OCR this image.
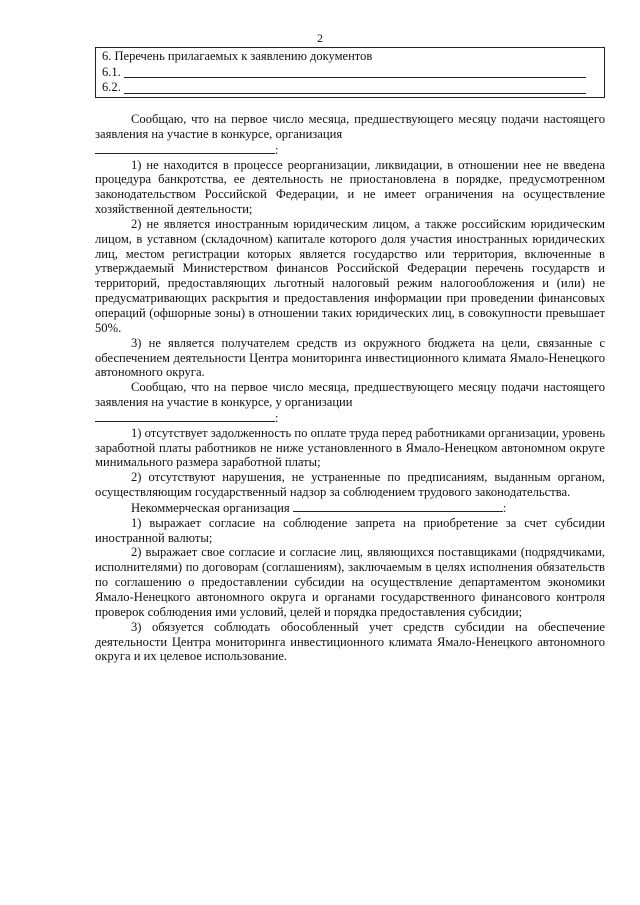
2
6. Перечень прилагаемых к заявлению документов
6.1.
6.2.

Сообщаю, что на первое число месяца, предшествующего месяцу подачи настоящего заявления на участие в конкурсе, организация
:

1) не находится в процессе реорганизации, ликвидации, в отношении нее не введена процедура банкротства, ее деятельность не приостановлена в порядке, предусмотренном законодательством Российской Федерации, и не имеет ограничения на осуществление хозяйственной деятельности;

2) не является иностранным юридическим лицом, а также российским юридическим лицом, в уставном (складочном) капитале которого доля участия иностранных юридических лиц, местом регистрации которых является государство или территория, включенные в утверждаемый Министерством финансов Российской Федерации перечень государств и территорий, предоставляющих льготный налоговый режим налогообложения и (или) не предусматривающих раскрытия и предоставления информации при проведении финансовых операций (офшорные зоны) в отношении таких юридических лиц, в совокупности превышает 50%.

3) не является получателем средств из окружного бюджета на цели, связанные с обеспечением деятельности Центра мониторинга инвестиционного климата Ямало-Ненецкого автономного округа.

Сообщаю, что на первое число месяца, предшествующего месяцу подачи настоящего заявления на участие в конкурсе, у организации
:

1) отсутствует задолженность по оплате труда перед работниками организации, уровень заработной платы работников не ниже установленного в Ямало-Ненецком автономном округе минимального размера заработной платы;

2) отсутствуют нарушения, не устраненные по предписаниям, выданным органом, осуществляющим государственный надзор за соблюдением трудового законодательства.

Некоммерческая организация	:

1) выражает согласие на соблюдение запрета на приобретение за счет субсидии иностранной валюты;

2) выражает свое согласие и согласие лиц, являющихся поставщиками (подрядчиками, исполнителями) по договорам (соглашениям), заключаемым в целях исполнения обязательств по соглашению о предоставлении субсидии на осуществление департаментом экономики Ямало-Ненецкого автономного округа и органами государственного финансового контроля проверок соблюдения ими условий, целей и порядка предоставления субсидии;

3) обязуется соблюдать обособленный учет средств субсидии на обеспечение деятельности Центра мониторинга инвестиционного климата Ямало-Ненецкого автономного округа и их целевое использование.
